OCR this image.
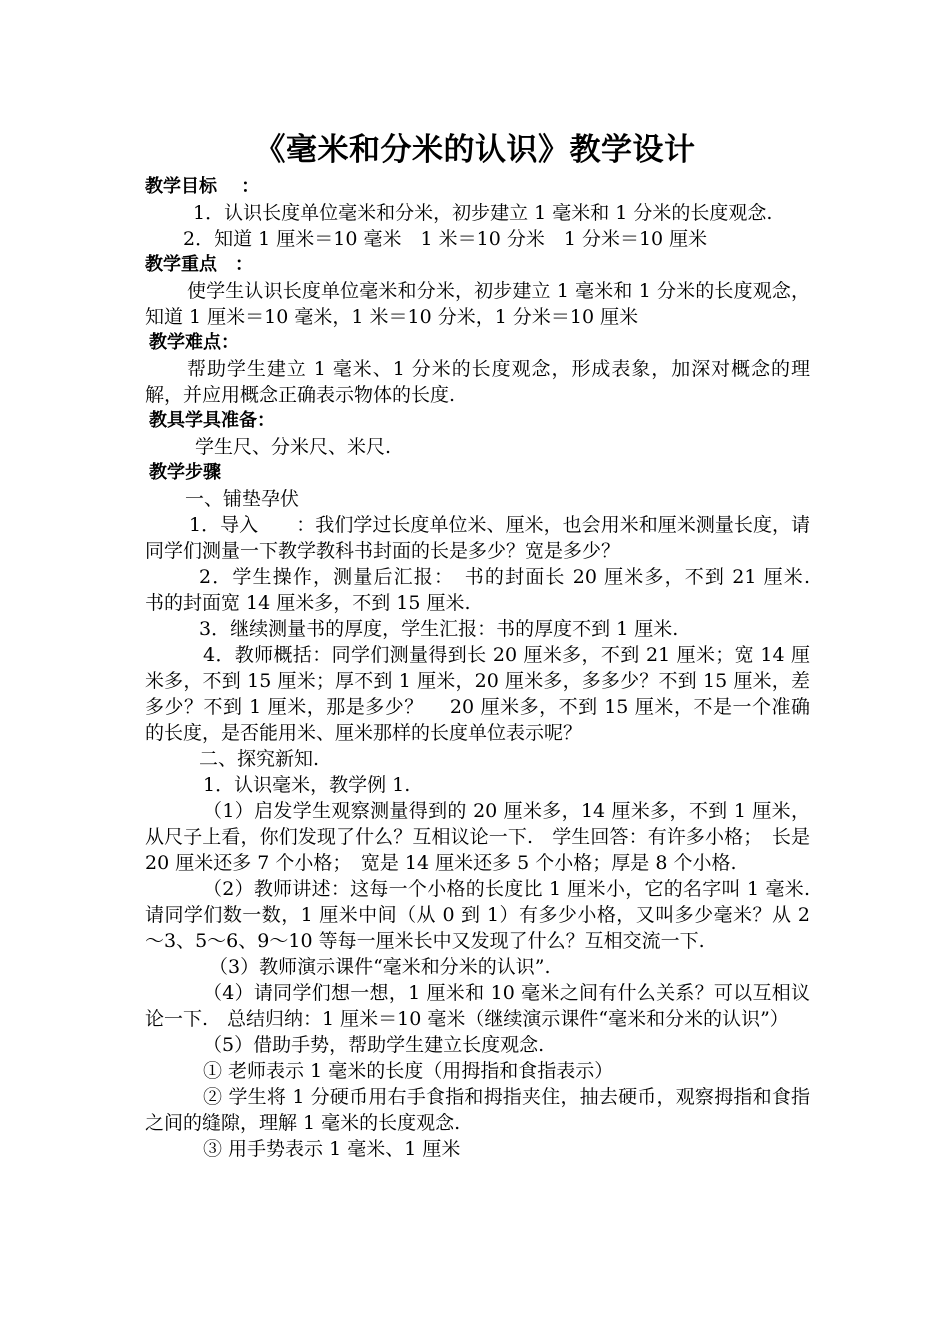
《毫米和分米的认识》教学设计

教学目标 　：

1．认识长度单位毫米和分米，初步建立 1 毫米和 1 分米的长度观念.

2．知道 1 厘米＝10 毫米　1 米＝10 分米　1 分米＝10 厘米

教学重点　：

使学生认识长度单位毫米和分米，初步建立 1 毫米和 1 分米的长度观念，知道 1 厘米＝10 毫米，1 米＝10 分米，1 分米＝10 厘米

教学难点：

帮助学生建立 1 毫米、1 分米的长度观念，形成表象，加深对概念的理解，并应用概念正确表示物体的长度.

教具学具准备：

学生尺、分米尺、米尺.

教学步骤

一、铺垫孕伏

1．导入　　：我们学过长度单位米、厘米，也会用米和厘米测量长度，请同学们测量一下教学教科书封面的长是多少？宽是多少？

2．学生操作，测量后汇报：　书的封面长 20 厘米多，不到 21 厘米.　 书的封面宽 14 厘米多，不到 15 厘米.

3．继续测量书的厚度，学生汇报：书的厚度不到 1 厘米.

4．教师概括：同学们测量得到长 20 厘米多，不到 21 厘米；宽 14 厘米多，不到 15 厘米；厚不到 1 厘米，20 厘米多，多多少？不到 15 厘米，差多少？不到 1 厘米，那是多少？　 20 厘米多，不到 15 厘米，不是一个准确的长度，是否能用米、厘米那样的长度单位表示呢？

二、探究新知.

1．认识毫米，教学例 1.

（1）启发学生观察测量得到的 20 厘米多，14 厘米多，不到 1 厘米，从尺子上看，你们发现了什么？互相议论一下.　学生回答：有许多小格；　长是 20 厘米还多 7 个小格；　宽是 14 厘米还多 5 个小格；厚是 8 个小格.

（2）教师讲述：这每一个小格的长度比 1 厘米小，它的名字叫 1 毫米. 请同学们数一数，1 厘米中间（从 0 到 1）有多少小格，又叫多少毫米？从 2～3、5～6、9～10 等每一厘米长中又发现了什么？互相交流一下.

（3）教师演示课件“毫米和分米的认识”.

（4）请同学们想一想，1 厘米和 10 毫米之间有什么关系？可以互相议论一下.　总结归纳：1 厘米＝10 毫米（继续演示课件“毫米和分米的认识”）

（5）借助手势，帮助学生建立长度观念.

① 老师表示 1 毫米的长度（用拇指和食指表示）

② 学生将 1 分硬币用右手食指和拇指夹住，抽去硬币，观察拇指和食指之间的缝隙，理解 1 毫米的长度观念.

③ 用手势表示 1 毫米、1 厘米
